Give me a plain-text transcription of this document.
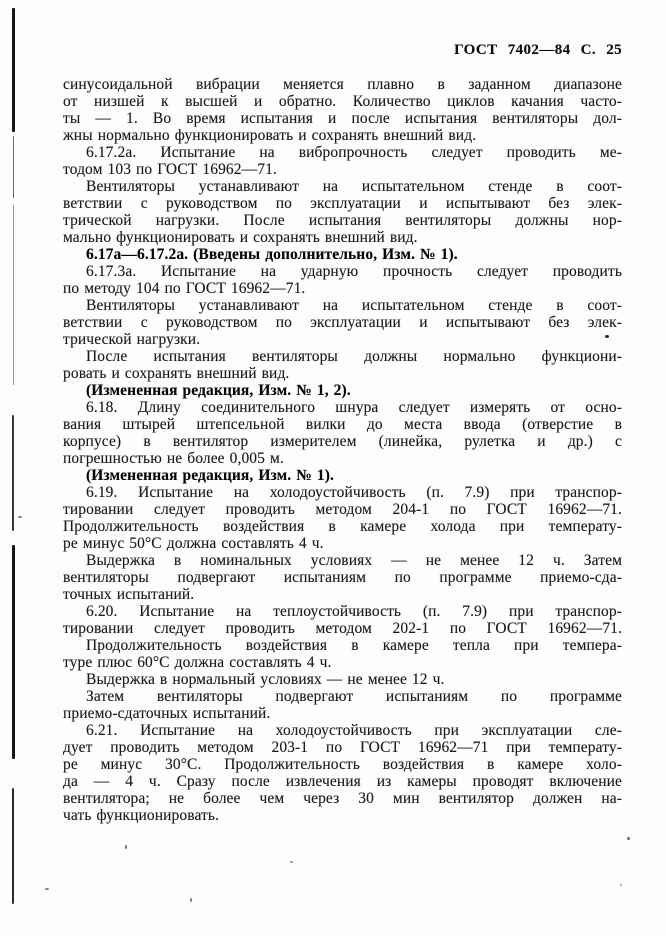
ГОСТ 7402—84 С. 25
синусоидальной вибрации меняется плавно в заданном диапазоне
от низшей к высшей и обратно. Количество циклов качания часто-
ты — 1. Во время испытания и после испытания вентиляторы дол-
жны нормально функционировать и сохранять внешний вид.
6.17.2а. Испытание на вибропрочность следует проводить ме-
тодом 103 по ГОСТ 16962—71.
Вентиляторы устанавливают на испытательном стенде в соот-
ветствии с руководством по эксплуатации и испытывают без элек-
трической нагрузки. После испытания вентиляторы должны нор-
мально функционировать и сохранять внешний вид.
6.17а—6.17.2а. (Введены дополнительно, Изм. № 1).
6.17.3а. Испытание на ударную прочность следует проводить
по методу 104 по ГОСТ 16962—71.
Вентиляторы устанавливают на испытательном стенде в соот-
ветствии с руководством по эксплуатации и испытывают без элек-
трической нагрузки.
После испытания вентиляторы должны нормально функциони-
ровать и сохранять внешний вид.
(Измененная редакция, Изм. № 1, 2).
6.18. Длину соединительного шнура следует измерять от осно-
вания штырей штепсельной вилки до места ввода (отверстие в
корпусе) в вентилятор измерителем (линейка, рулетка и др.) с
погрешностью не более 0,005 м.
(Измененная редакция, Изм. № 1).
6.19. Испытание на холодоустойчивость (п. 7.9) при транспор-
тировании следует проводить методом 204-1 по ГОСТ 16962—71.
Продолжительность воздействия в камере холода при температу-
ре минус 50°С должна составлять 4 ч.
Выдержка в номинальных условиях — не менее 12 ч. Затем
вентиляторы подвергают испытаниям по программе приемо-сда-
точных испытаний.
6.20. Испытание на теплоустойчивость (п. 7.9) при транспор-
тировании следует проводить методом 202-1 по ГОСТ 16962—71.
Продолжительность воздействия в камере тепла при темпера-
туре плюс 60°С должна составлять 4 ч.
Выдержка в нормальный условиях — не менее 12 ч.
Затем вентиляторы подвергают испытаниям по программе
приемо-сдаточных испытаний.
6.21. Испытание на холодоустойчивость при эксплуатации сле-
дует проводить методом 203-1 по ГОСТ 16962—71 при температу-
ре минус 30°С. Продолжительность воздействия в камере холо-
да — 4 ч. Сразу после извлечения из камеры проводят включение
вентилятора; не более чем через 30 мин вентилятор должен на-
чать функционировать.
